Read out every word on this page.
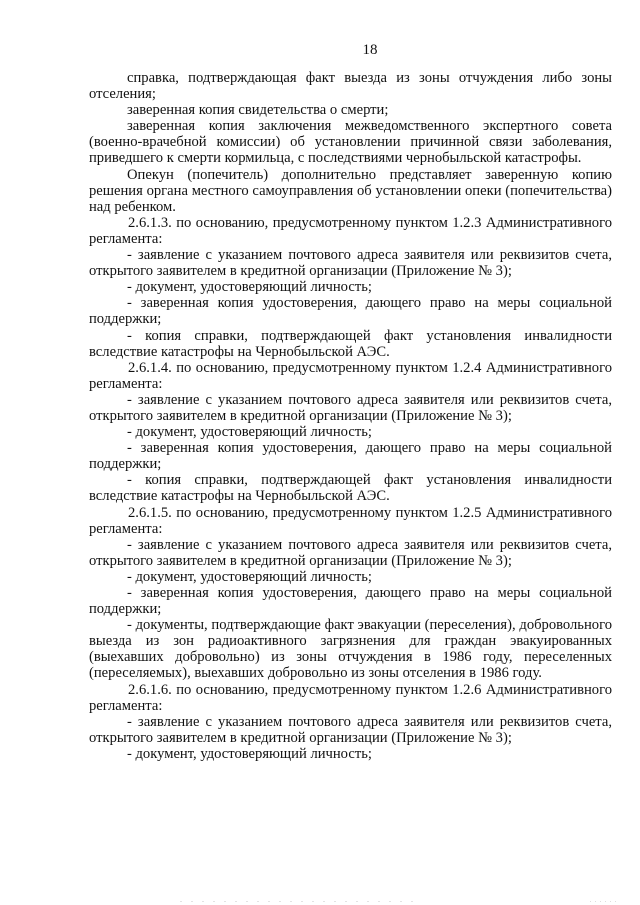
18

справка, подтверждающая факт выезда из зоны отчуждения либо зоны отселения;

заверенная копия свидетельства о смерти;

заверенная копия заключения межведомственного экспертного совета (военно-врачебной комиссии) об установлении причинной связи заболевания, приведшего к смерти кормильца, с последствиями чернобыльской катастрофы.

Опекун (попечитель) дополнительно представляет заверенную копию решения органа местного самоуправления об установлении опеки (попечительства) над ребенком.

2.6.1.3. по основанию, предусмотренному пунктом 1.2.3 Административного регламента:

- заявление с указанием почтового адреса заявителя или реквизитов счета, открытого заявителем в кредитной организации (Приложение № 3);

- документ, удостоверяющий личность;

- заверенная копия удостоверения, дающего право на меры социальной поддержки;

- копия справки, подтверждающей факт установления инвалидности вследствие катастрофы на Чернобыльской АЭС.

2.6.1.4. по основанию, предусмотренному пунктом 1.2.4 Административного регламента:

- заявление с указанием почтового адреса заявителя или реквизитов счета, открытого заявителем в кредитной организации (Приложение № 3);

- документ, удостоверяющий личность;

- заверенная копия удостоверения, дающего право на меры социальной поддержки;

- копия справки, подтверждающей факт установления инвалидности вследствие катастрофы на Чернобыльской АЭС.

2.6.1.5. по основанию, предусмотренному пунктом 1.2.5 Административного регламента:

- заявление с указанием почтового адреса заявителя или реквизитов счета, открытого заявителем в кредитной организации (Приложение № 3);

- документ, удостоверяющий личность;

- заверенная копия удостоверения, дающего право на меры социальной поддержки;

- документы, подтверждающие факт эвакуации (переселения), добровольного выезда из зон радиоактивного загрязнения для граждан эвакуированных (выехавших добровольно) из зоны отчуждения в 1986 году, переселенных (переселяемых), выехавших добровольно из зоны отселения в 1986 году.

2.6.1.6. по основанию, предусмотренному пунктом 1.2.6 Административного регламента:

- заявление с указанием почтового адреса заявителя или реквизитов счета, открытого заявителем в кредитной организации (Приложение № 3);

- документ, удостоверяющий личность;
